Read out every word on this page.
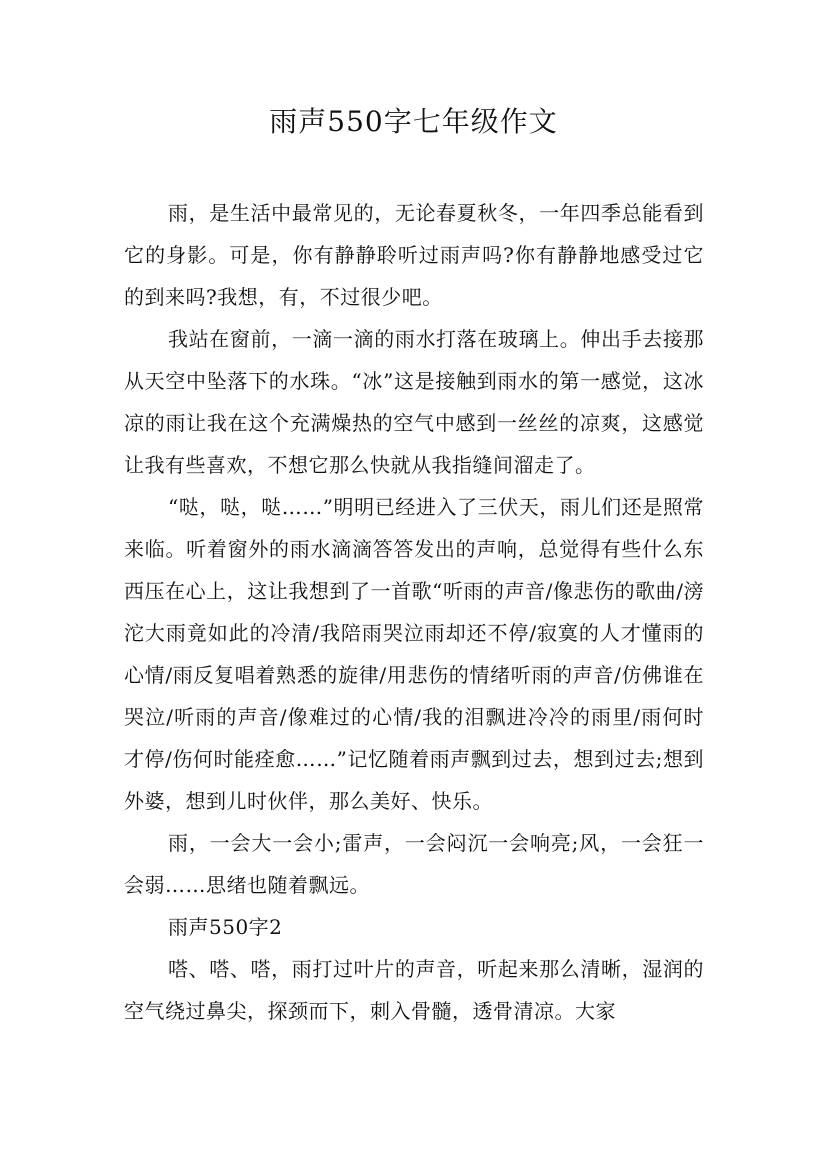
雨声550字七年级作文

雨，是生活中最常见的，无论春夏秋冬，一年四季总能看到它的身影。可是，你有静静聆听过雨声吗?你有静静地感受过它的到来吗?我想，有，不过很少吧。

我站在窗前，一滴一滴的雨水打落在玻璃上。伸出手去接那从天空中坠落下的水珠。“冰”这是接触到雨水的第一感觉，这冰凉的雨让我在这个充满燥热的空气中感到一丝丝的凉爽，这感觉让我有些喜欢，不想它那么快就从我指缝间溜走了。

“哒，哒，哒……”明明已经进入了三伏天，雨儿们还是照常来临。听着窗外的雨水滴滴答答发出的声响，总觉得有些什么东西压在心上，这让我想到了一首歌“听雨的声音/像悲伤的歌曲/滂沱大雨竟如此的冷清/我陪雨哭泣雨却还不停/寂寞的人才懂雨的心情/雨反复唱着熟悉的旋律/用悲伤的情绪听雨的声音/仿佛谁在哭泣/听雨的声音/像难过的心情/我的泪飘进冷冷的雨里/雨何时才停/伤何时能痊愈……”记忆随着雨声飘到过去，想到过去;想到外婆，想到儿时伙伴，那么美好、快乐。

雨，一会大一会小;雷声，一会闷沉一会响亮;风，一会狂一会弱……思绪也随着飘远。

雨声550字2

嗒、嗒、嗒，雨打过叶片的声音，听起来那么清晰，湿润的空气绕过鼻尖，探颈而下，刺入骨髓，透骨清凉。大家
